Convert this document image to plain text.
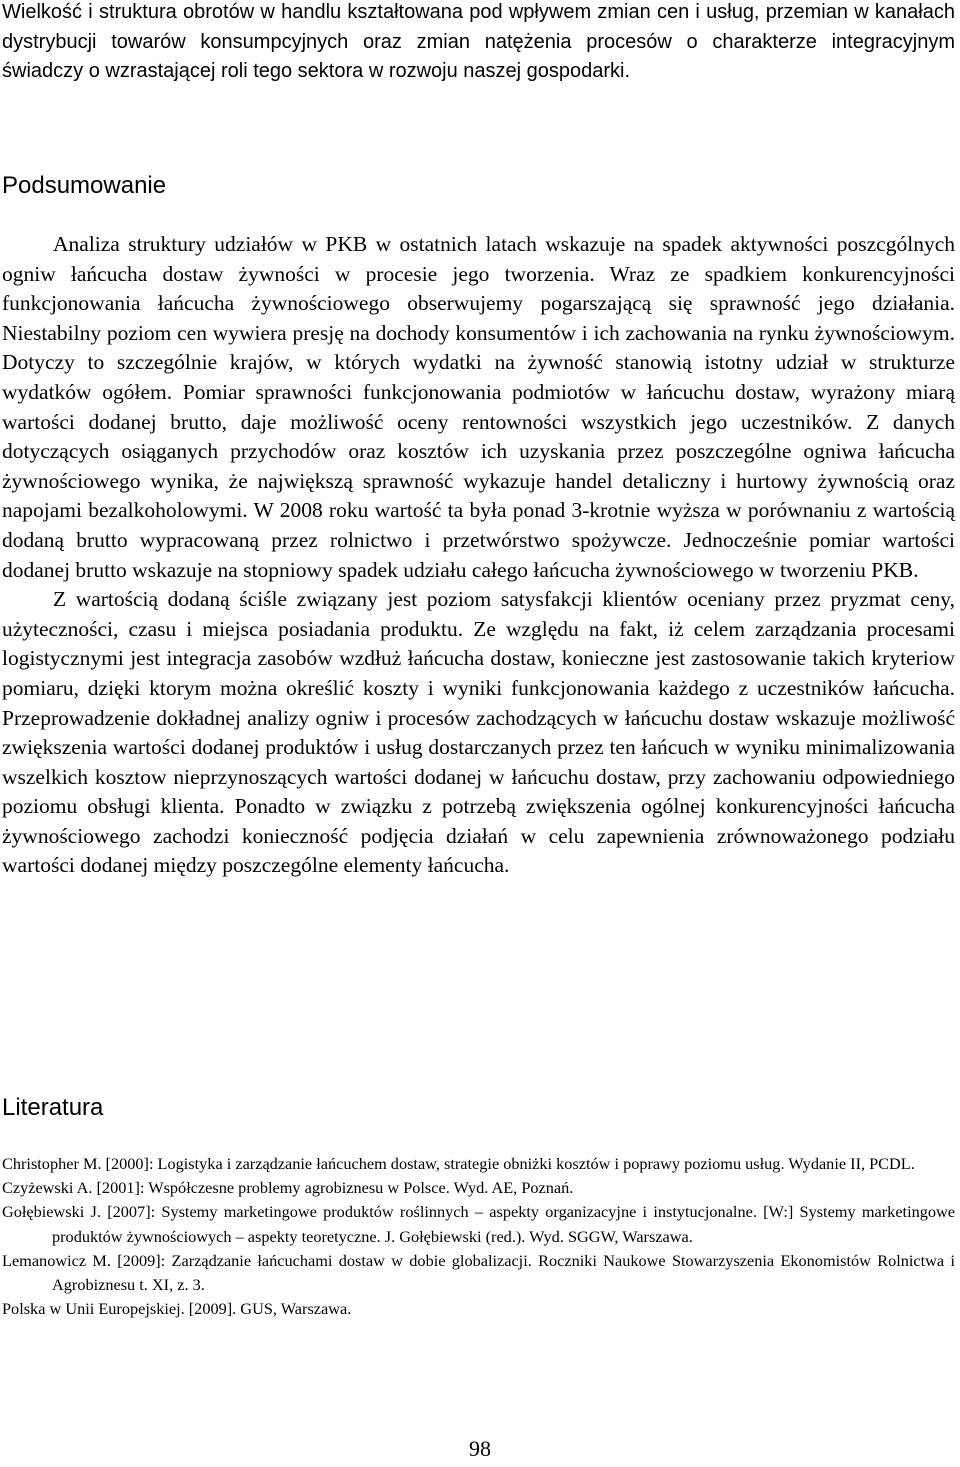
Wielkość i struktura obrotów w handlu kształtowana pod wpływem zmian cen i usług, przemian w kanałach dystrybucji towarów konsumpcyjnych oraz zmian natężenia procesów o charakterze integracyjnym świadczy o wzrastającej roli tego sektora w rozwoju naszej gospodarki.

Podsumowanie

Analiza struktury udziałów w PKB w ostatnich latach wskazuje na spadek aktywności poszcgólnych ogniw łańcucha dostaw żywności w procesie jego tworzenia. Wraz ze spadkiem konkurencyjności funkcjonowania łańcucha żywnościowego obserwujemy pogarszającą się sprawność jego działania. Niestabilny poziom cen wywiera presję na dochody konsumentów i ich zachowania na rynku żywnościowym. Dotyczy to szczególnie krajów, w których wydatki na żywność stanowią istotny udział w strukturze wydatków ogółem. Pomiar sprawności funkcjonowania podmiotów w łańcuchu dostaw, wyrażony miarą wartości dodanej brutto, daje możliwość oceny rentowności wszystkich jego uczestników. Z danych dotyczących osiąganych przychodów oraz kosztów ich uzyskania przez poszczególne ogniwa łańcucha żywnościowego wynika, że największą sprawność wykazuje handel detaliczny i hurtowy żywnością oraz napojami bezalkoholowymi. W 2008 roku wartość ta była ponad 3-krotnie wyższa w porównaniu z wartością dodaną brutto wypracowaną przez rolnictwo i przetwórstwo spożywcze. Jednocześnie pomiar wartości dodanej brutto wskazuje na stopniowy spadek udziału całego łańcucha żywnościowego w tworzeniu PKB.

Z wartością dodaną ściśle związany jest poziom satysfakcji klientów oceniany przez pryzmat ceny, użyteczności, czasu i miejsca posiadania produktu. Ze względu na fakt, iż celem zarządzania procesami logistycznymi jest integracja zasobów wzdłuż łańcucha dostaw, konieczne jest zastosowanie takich kryteriow pomiaru, dzięki ktorym można określić koszty i wyniki funkcjonowania każdego z uczestników łańcucha. Przeprowadzenie dokładnej analizy ogniw i procesów zachodzących w łańcuchu dostaw wskazuje możliwość zwiększenia wartości dodanej produktów i usług dostarczanych przez ten łańcuch w wyniku minimalizowania wszelkich kosztow nieprzynoszących wartości dodanej w łańcuchu dostaw, przy zachowaniu odpowiedniego poziomu obsługi klienta. Ponadto w związku z potrzebą zwiększenia ogólnej konkurencyjności łańcucha żywnościowego zachodzi konieczność podjęcia działań w celu zapewnienia zrównoważonego podziału wartości dodanej między poszczególne elementy łańcucha.

Literatura

Christopher M. [2000]: Logistyka i zarządzanie łańcuchem dostaw, strategie obniżki kosztów i poprawy poziomu usług. Wydanie II, PCDL.

Czyżewski A. [2001]: Współczesne problemy agrobiznesu w Polsce. Wyd. AE, Poznań.

Gołębiewski J. [2007]: Systemy marketingowe produktów roślinnych – aspekty organizacyjne i instytucjonalne. [W:] Systemy marketingowe produktów żywnościowych – aspekty teoretyczne. J. Gołębiewski (red.). Wyd. SGGW, Warszawa.

Lemanowicz M. [2009]: Zarządzanie łańcuchami dostaw w dobie globalizacji. Roczniki Naukowe Stowarzyszenia Ekonomistów Rolnictwa i Agrobiznesu t. XI, z. 3.

Polska w Unii Europejskiej. [2009]. GUS, Warszawa.

98
